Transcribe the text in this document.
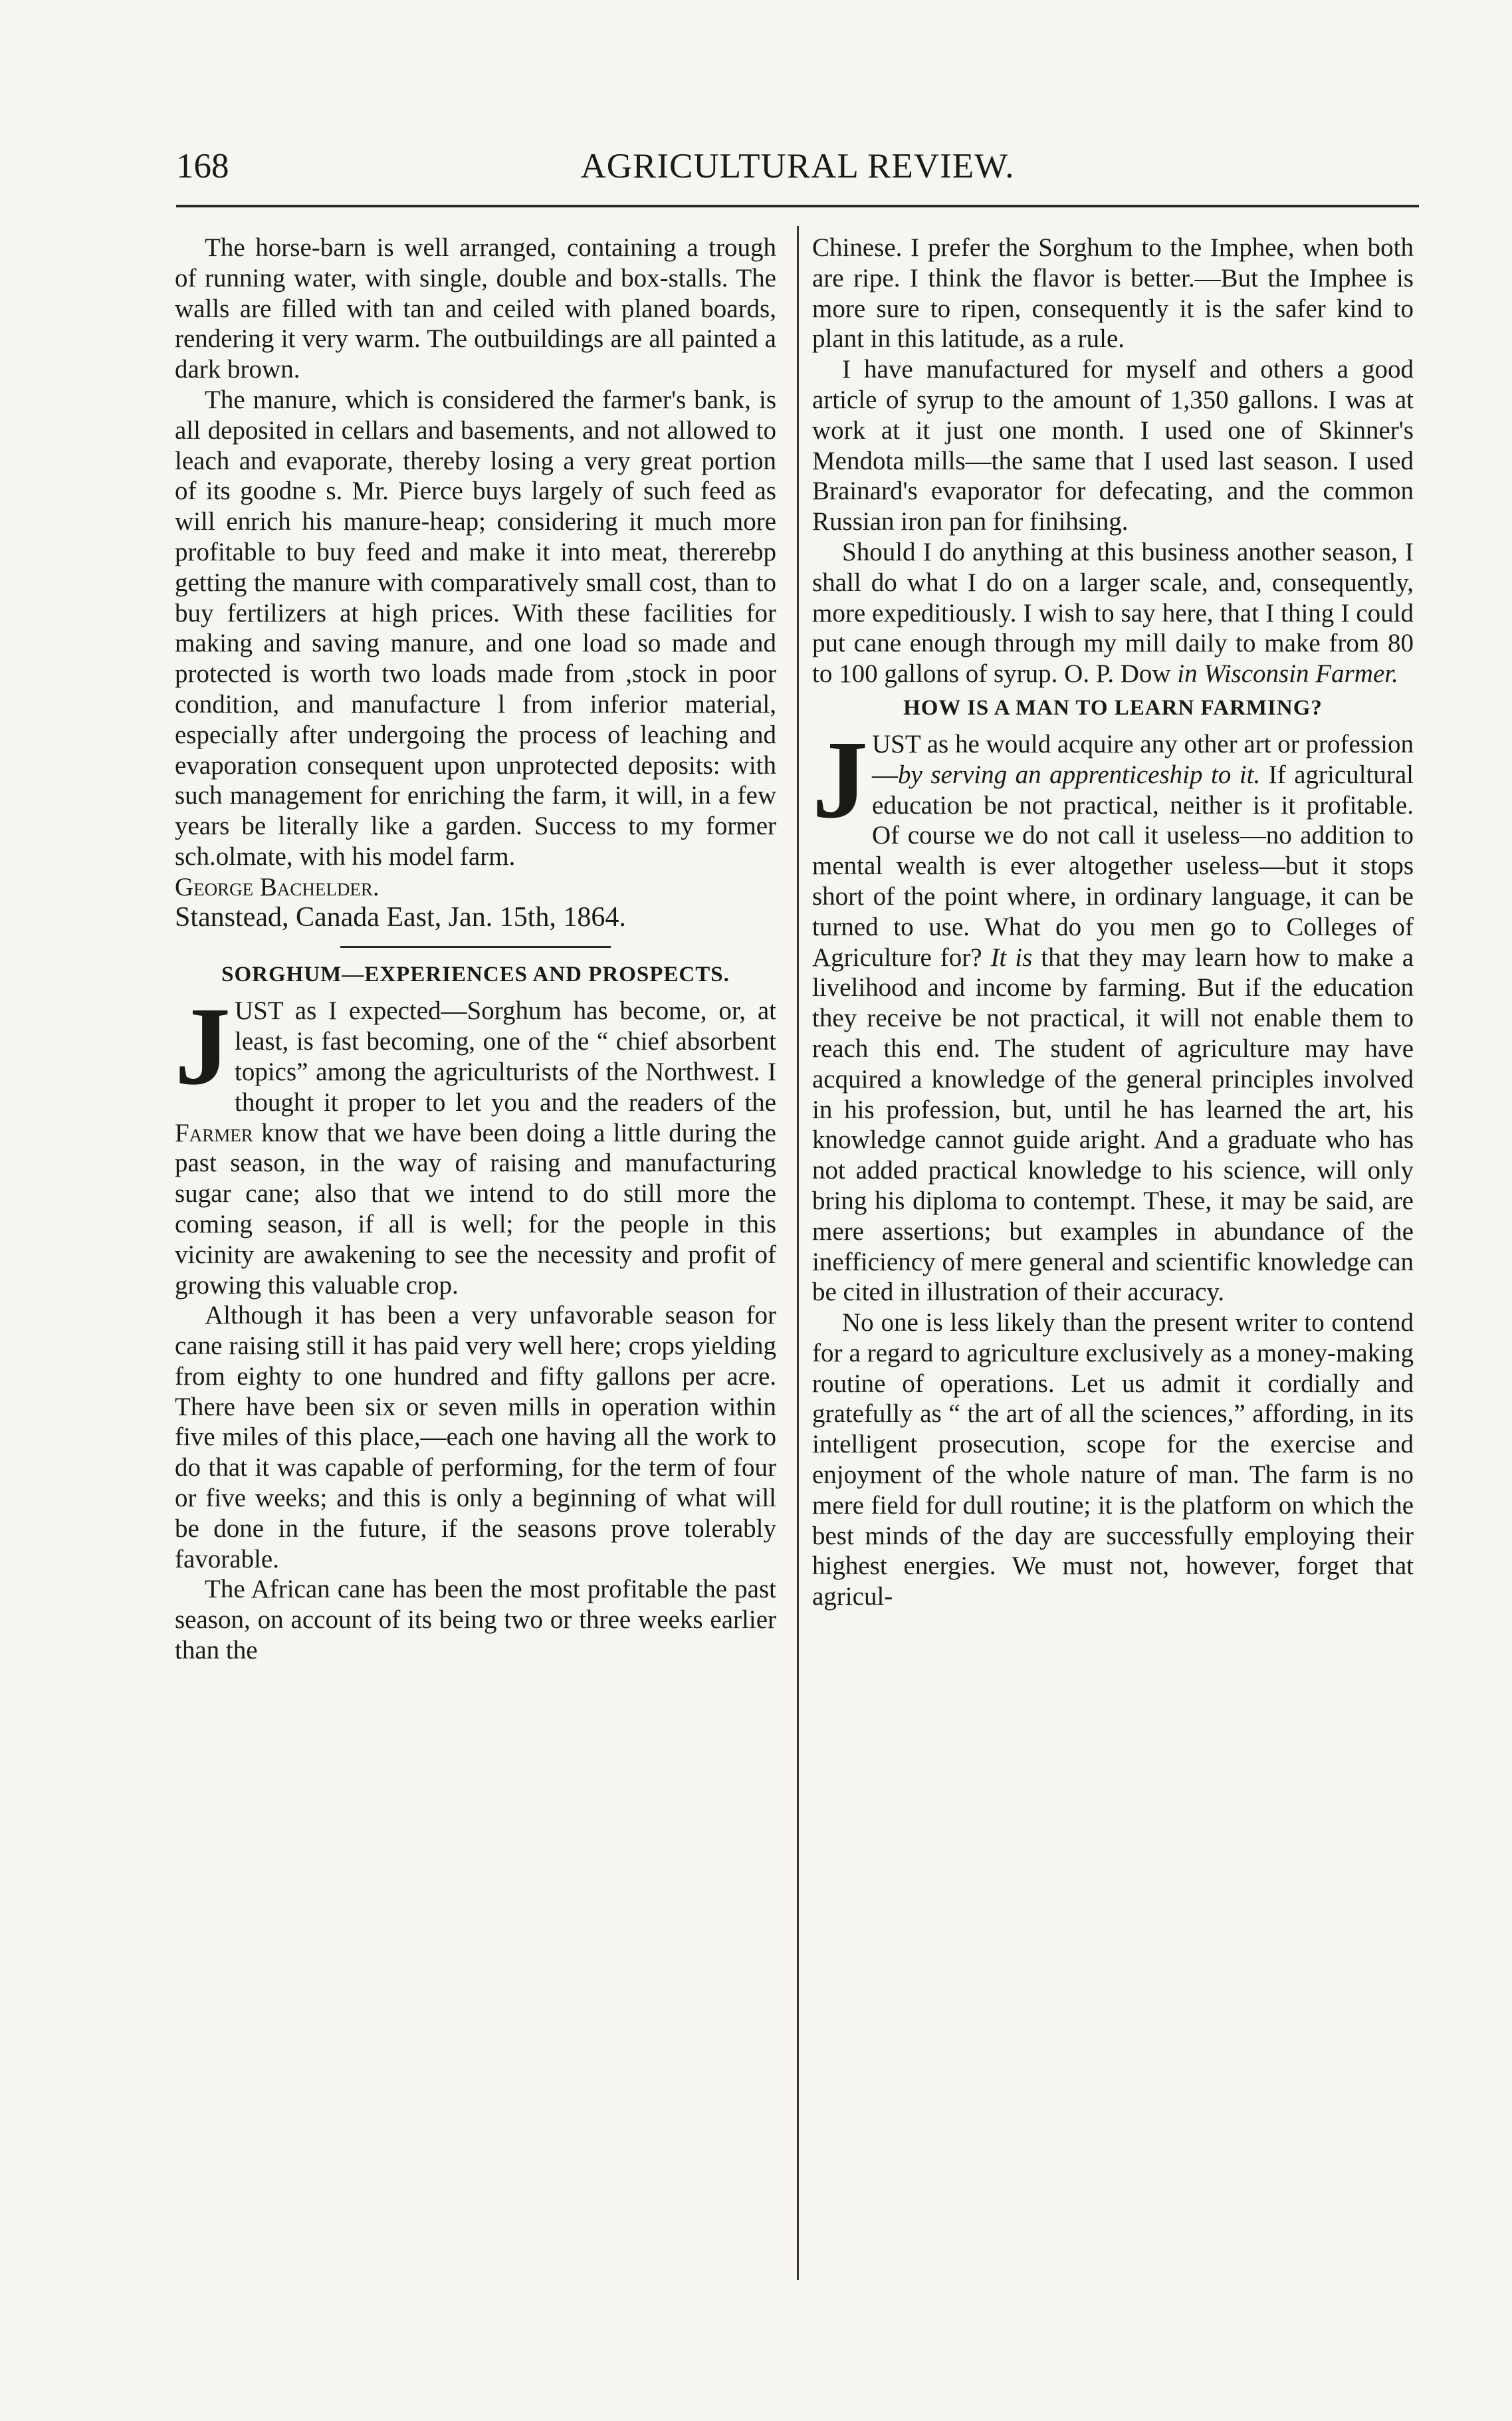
168	AGRICULTURAL REVIEW.

The horse-barn is well arranged, containing a trough of running water, with single, double and box-stalls. The walls are filled with tan and ceiled with planed boards, rendering it very warm. The outbuildings are all painted a dark brown.

The manure, which is considered the farmer's bank, is all deposited in cellars and basements, and not allowed to leach and evaporate, thereby losing a very great portion of its goodne s. Mr. Pierce buys largely of such feed as will enrich his manure-heap; considering it much more profitable to buy feed and make it into meat, thererebp getting the manure with comparatively small cost, than to buy fertilizers at high prices. With these facilities for making and saving manure, and one load so made and protected is worth two loads made from ,stock in poor condition, and manufacture l from inferior material, especially after undergoing the process of leaching and evaporation consequent upon unprotected deposits: with such management for enriching the farm, it will, in a few years be literally like a garden. Success to my former sch.olmate, with his model farm.

George Bachelder.

Stanstead, Canada East, Jan. 15th, 1864.

SORGHUM—EXPERIENCES AND PROSPECTS.

JUST as I expected—Sorghum has become, or, at least, is fast becoming, one of the “ chief absorbent topics” among the agriculturists of the Northwest. I thought it proper to let you and the readers of the Farmer know that we have been doing a little during the past season, in the way of raising and manufacturing sugar cane; also that we intend to do still more the coming season, if all is well; for the people in this vicinity are awakening to see the necessity and profit of growing this valuable crop.

Although it has been a very unfavorable season for cane raising still it has paid very well here; crops yielding from eighty to one hundred and fifty gallons per acre. There have been six or seven mills in operation within five miles of this place,—each one having all the work to do that it was capable of performing, for the term of four or five weeks; and this is only a beginning of what will be done in the future, if the seasons prove tolerably favorable.

The African cane has been the most profitable the past season, on account of its being two or three weeks earlier than the

Chinese. I prefer the Sorghum to the Imphee, when both are ripe. I think the flavor is better.—But the Imphee is more sure to ripen, consequently it is the safer kind to plant in this latitude, as a rule.

I have manufactured for myself and others a good article of syrup to the amount of 1,350 gallons. I was at work at it just one month. I used one of Skinner's Mendota mills—the same that I used last season. I used Brainard's evaporator for defecating, and the common Russian iron pan for finihsing.

Should I do anything at this business another season, I shall do what I do on a larger scale, and, consequently, more expeditiously. I wish to say here, that I thing I could put cane enough through my mill daily to make from 80 to 100 gallons of syrup. O. P. Dow in Wisconsin Farmer.

HOW IS A MAN TO LEARN FARMING?

JUST as he would acquire any other art or profession—by serving an apprenticeship to it. If agricultural education be not practical, neither is it profitable. Of course we do not call it useless—no addition to mental wealth is ever altogether useless—but it stops short of the point where, in ordinary language, it can be turned to use. What do you men go to Colleges of Agriculture for? It is that they may learn how to make a livelihood and income by farming. But if the education they receive be not practical, it will not enable them to reach this end. The student of agriculture may have acquired a knowledge of the general principles involved in his profession, but, until he has learned the art, his knowledge cannot guide aright. And a graduate who has not added practical knowledge to his science, will only bring his diploma to contempt. These, it may be said, are mere assertions; but examples in abundance of the inefficiency of mere general and scientific knowledge can be cited in illustration of their accuracy.

No one is less likely than the present writer to contend for a regard to agriculture exclusively as a money-making routine of operations. Let us admit it cordially and gratefully as “ the art of all the sciences,” affording, in its intelligent prosecution, scope for the exercise and enjoyment of the whole nature of man. The farm is no mere field for dull routine; it is the platform on which the best minds of the day are successfully employing their highest energies. We must not, however, forget that agricul-
